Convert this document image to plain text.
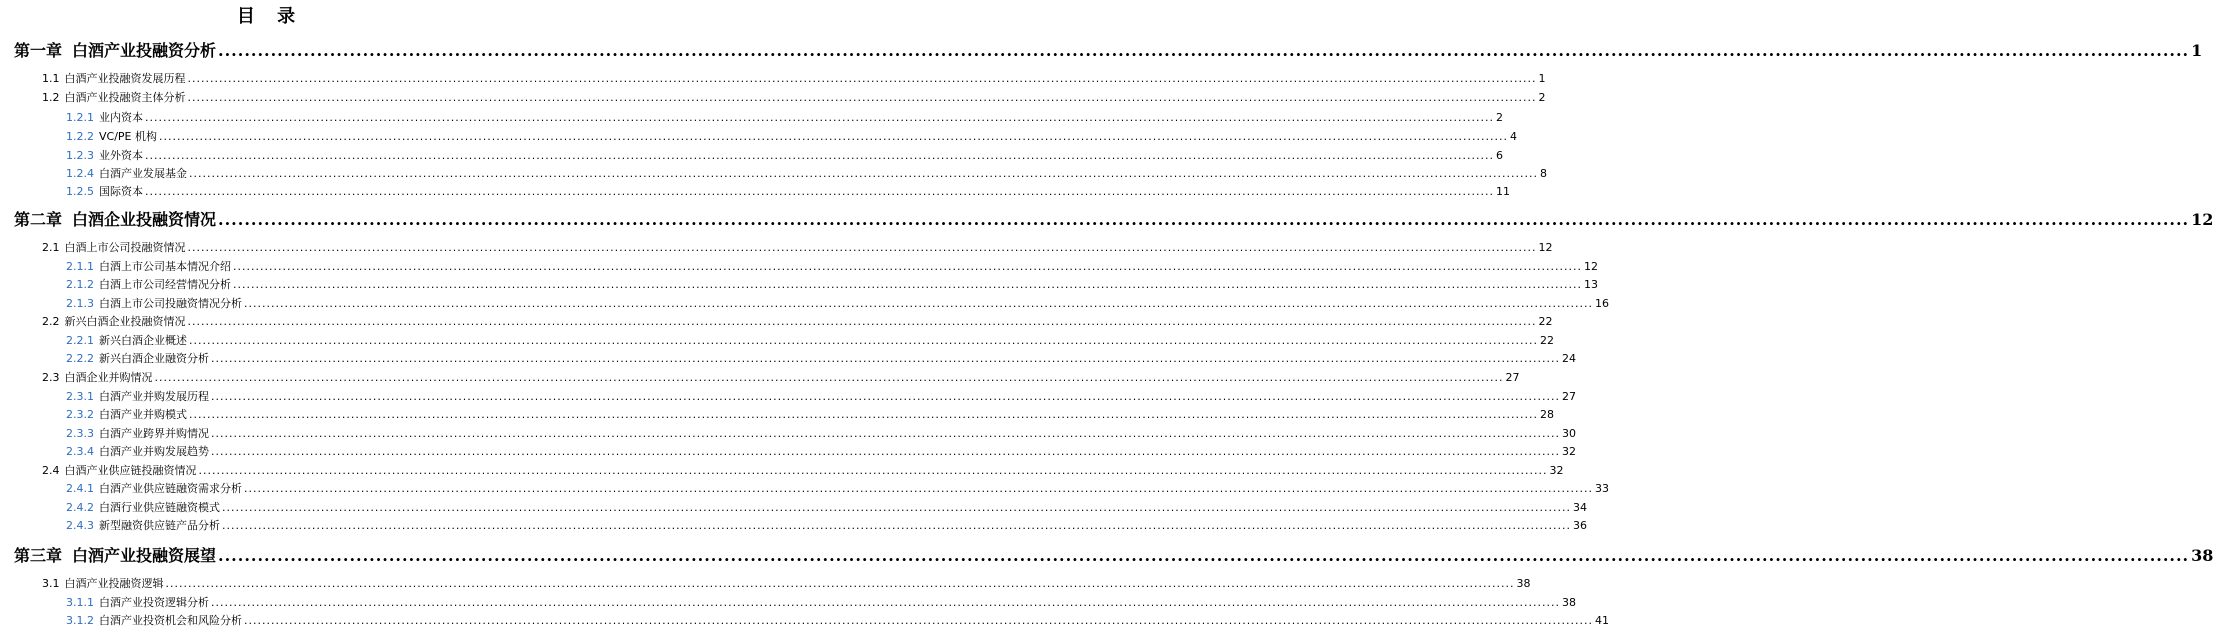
目 录
第一章 白酒产业投融资分析 ............................................................................................................................................................................................................................................................................................................ 1
1.1 白酒产业投融资发展历程 ............................................................................................................................................................................................................................................................................................................ 1
1.2 白酒产业投融资主体分析 ............................................................................................................................................................................................................................................................................................................ 2
1.2.1 业内资本 ............................................................................................................................................................................................................................................................................................................ 2
1.2.2 VC/PE 机构 ............................................................................................................................................................................................................................................................................................................ 4
1.2.3 业外资本 ............................................................................................................................................................................................................................................................................................................ 6
1.2.4 白酒产业发展基金 ............................................................................................................................................................................................................................................................................................................ 8
1.2.5 国际资本 ............................................................................................................................................................................................................................................................................................................ 11
第二章 白酒企业投融资情况 ............................................................................................................................................................................................................................................................................................................ 12
2.1 白酒上市公司投融资情况 ............................................................................................................................................................................................................................................................................................................ 12
2.1.1 白酒上市公司基本情况介绍 ............................................................................................................................................................................................................................................................................................................ 12
2.1.2 白酒上市公司经营情况分析 ............................................................................................................................................................................................................................................................................................................ 13
2.1.3 白酒上市公司投融资情况分析 ............................................................................................................................................................................................................................................................................................................ 16
2.2 新兴白酒企业投融资情况 ............................................................................................................................................................................................................................................................................................................ 22
2.2.1 新兴白酒企业概述 ............................................................................................................................................................................................................................................................................................................ 22
2.2.2 新兴白酒企业融资分析 ............................................................................................................................................................................................................................................................................................................ 24
2.3 白酒企业并购情况 ............................................................................................................................................................................................................................................................................................................ 27
2.3.1 白酒产业并购发展历程 ............................................................................................................................................................................................................................................................................................................ 27
2.3.2 白酒产业并购模式 ............................................................................................................................................................................................................................................................................................................ 28
2.3.3 白酒产业跨界并购情况 ............................................................................................................................................................................................................................................................................................................ 30
2.3.4 白酒产业并购发展趋势 ............................................................................................................................................................................................................................................................................................................ 32
2.4 白酒产业供应链投融资情况 ............................................................................................................................................................................................................................................................................................................ 32
2.4.1 白酒产业供应链融资需求分析 ............................................................................................................................................................................................................................................................................................................ 33
2.4.2 白酒行业供应链融资模式 ............................................................................................................................................................................................................................................................................................................ 34
2.4.3 新型融资供应链产品分析 ............................................................................................................................................................................................................................................................................................................ 36
第三章 白酒产业投融资展望 ............................................................................................................................................................................................................................................................................................................ 38
3.1 白酒产业投融资逻辑 ............................................................................................................................................................................................................................................................................................................ 38
3.1.1 白酒产业投资逻辑分析 ............................................................................................................................................................................................................................................................................................................ 38
3.1.2 白酒产业投资机会和风险分析 ............................................................................................................................................................................................................................................................................................................ 41
